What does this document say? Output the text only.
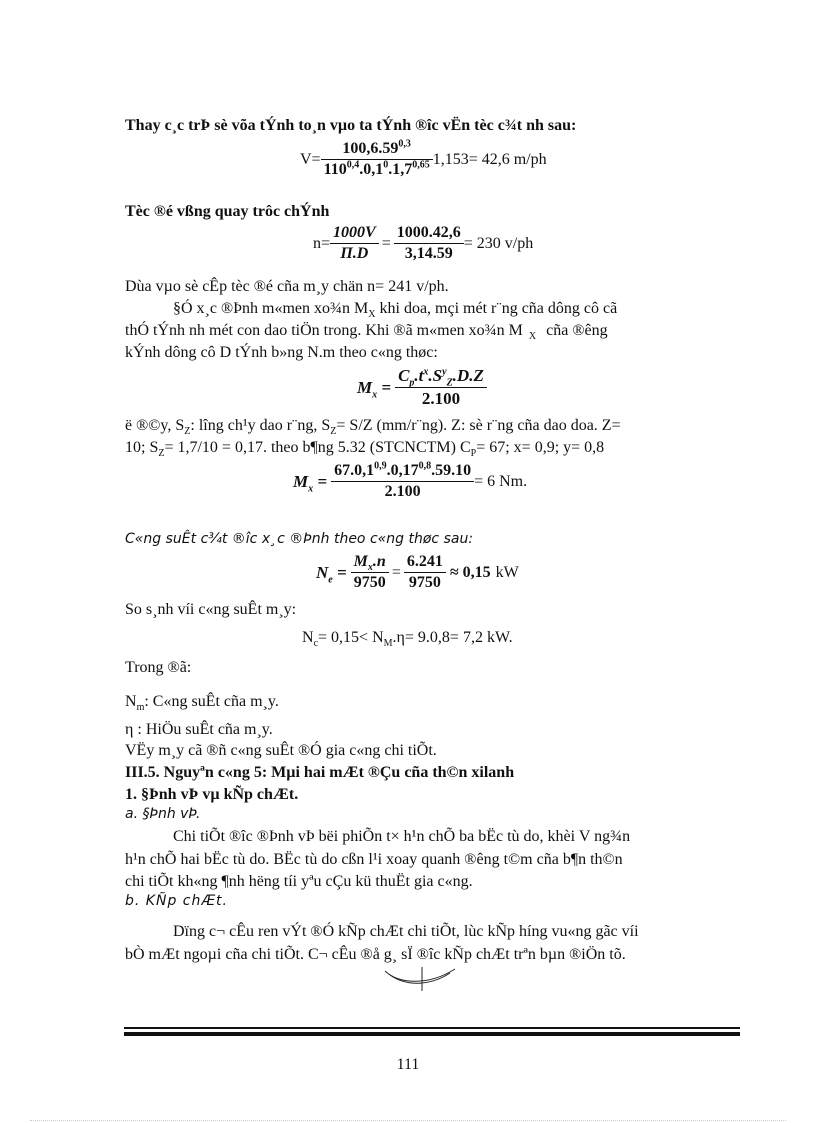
Thay c¸c trÞ sè võa tÝnh to¸n vµo ta tÝnh ®îc vËn tèc c¾t nh sau:
$V= \frac{100,6.59^{0,3}}{110^{0,4}.0,1^0.1,7^{0,65}} 1,153= 42,6$ m/ph
Tèc ®é vßng quay trôc chÝnh
$n= \frac{1000V}{\Pi.D} = \frac{1000.42,6}{3,14.59} = 230$ v/ph
Dùa vµo sè cÊp tèc ®é cña m¸y chän n= 241 v/ph.
§Ó x¸c ®Þnh m«men xo¾n $M_X$ khi doa, mçi mét r¨ng cña dông cô cã
thÓ tÝnh nh mét con dao tiÖn trong. Khi ®ã m«men xo¾n M $_X$ cña ®êng
kÝnh dông cô D tÝnh b»ng N.m theo c«ng thøc:
$M_x = \frac{C_p.t^x.S^y_Z.D.Z}{2.100}$
ë ®©y, $S_Z$: lîng ch¹y dao r¨ng, $S_Z= S/Z$ (mm/r¨ng). Z: sè r¨ng cña dao doa. Z=
10; $S_Z= 1,7/10 = 0,17$. theo b¶ng 5.32 (STCNCTM) $C_P= 67$; x= 0,9; y= 0,8
$M_x = \frac{67.0,1^{0,9}.0,17^{0,8}.59.10}{2.100} = 6$ Nm.
C«ng suÊt c¾t ®îc x¸c ®Þnh theo c«ng thøc sau:
$N_e = \frac{M_x.n}{9750} = \frac{6.241}{9750} \approx 0,15$ kW
So s¸nh víi c«ng suÊt m¸y:
$N_c= 0,15< N_M.\eta= 9.0,8= 7,2$ kW.
Trong ®ã:
$N_m$: C«ng suÊt cña m¸y.
η : HiÖu suÊt cña m¸y.
VËy m¸y cã ®ñ c«ng suÊt ®Ó gia c«ng chi tiÕt.
III.5. Nguyªn c«ng 5: Mµi hai mÆt ®Çu cña th©n xilanh
1. §Þnh vÞ vµ kÑp chÆt.
a. §Þnh vÞ.
Chi tiÕt ®îc ®Þnh vÞ bëi phiÕn t× h¹n chÕ ba bËc tù do, khèi V ng¾n
h¹n chÕ hai bËc tù do. BËc tù do cßn l¹i xoay quanh ®êng t©m cña b¶n th©n
chi tiÕt kh«ng ¶nh hëng tíi yªu cÇu kü thuËt gia c«ng.
b. KÑp chÆt.
Dïng c¬ cÊu ren vÝt ®Ó kÑp chÆt chi tiÕt, lùc kÑp híng vu«ng gãc víi
bÒ mÆt ngoµi cña chi tiÕt. C¬ cÊu ®å g¸ sÏ ®îc kÑp chÆt trªn bµn ®iÖn tõ.
111
